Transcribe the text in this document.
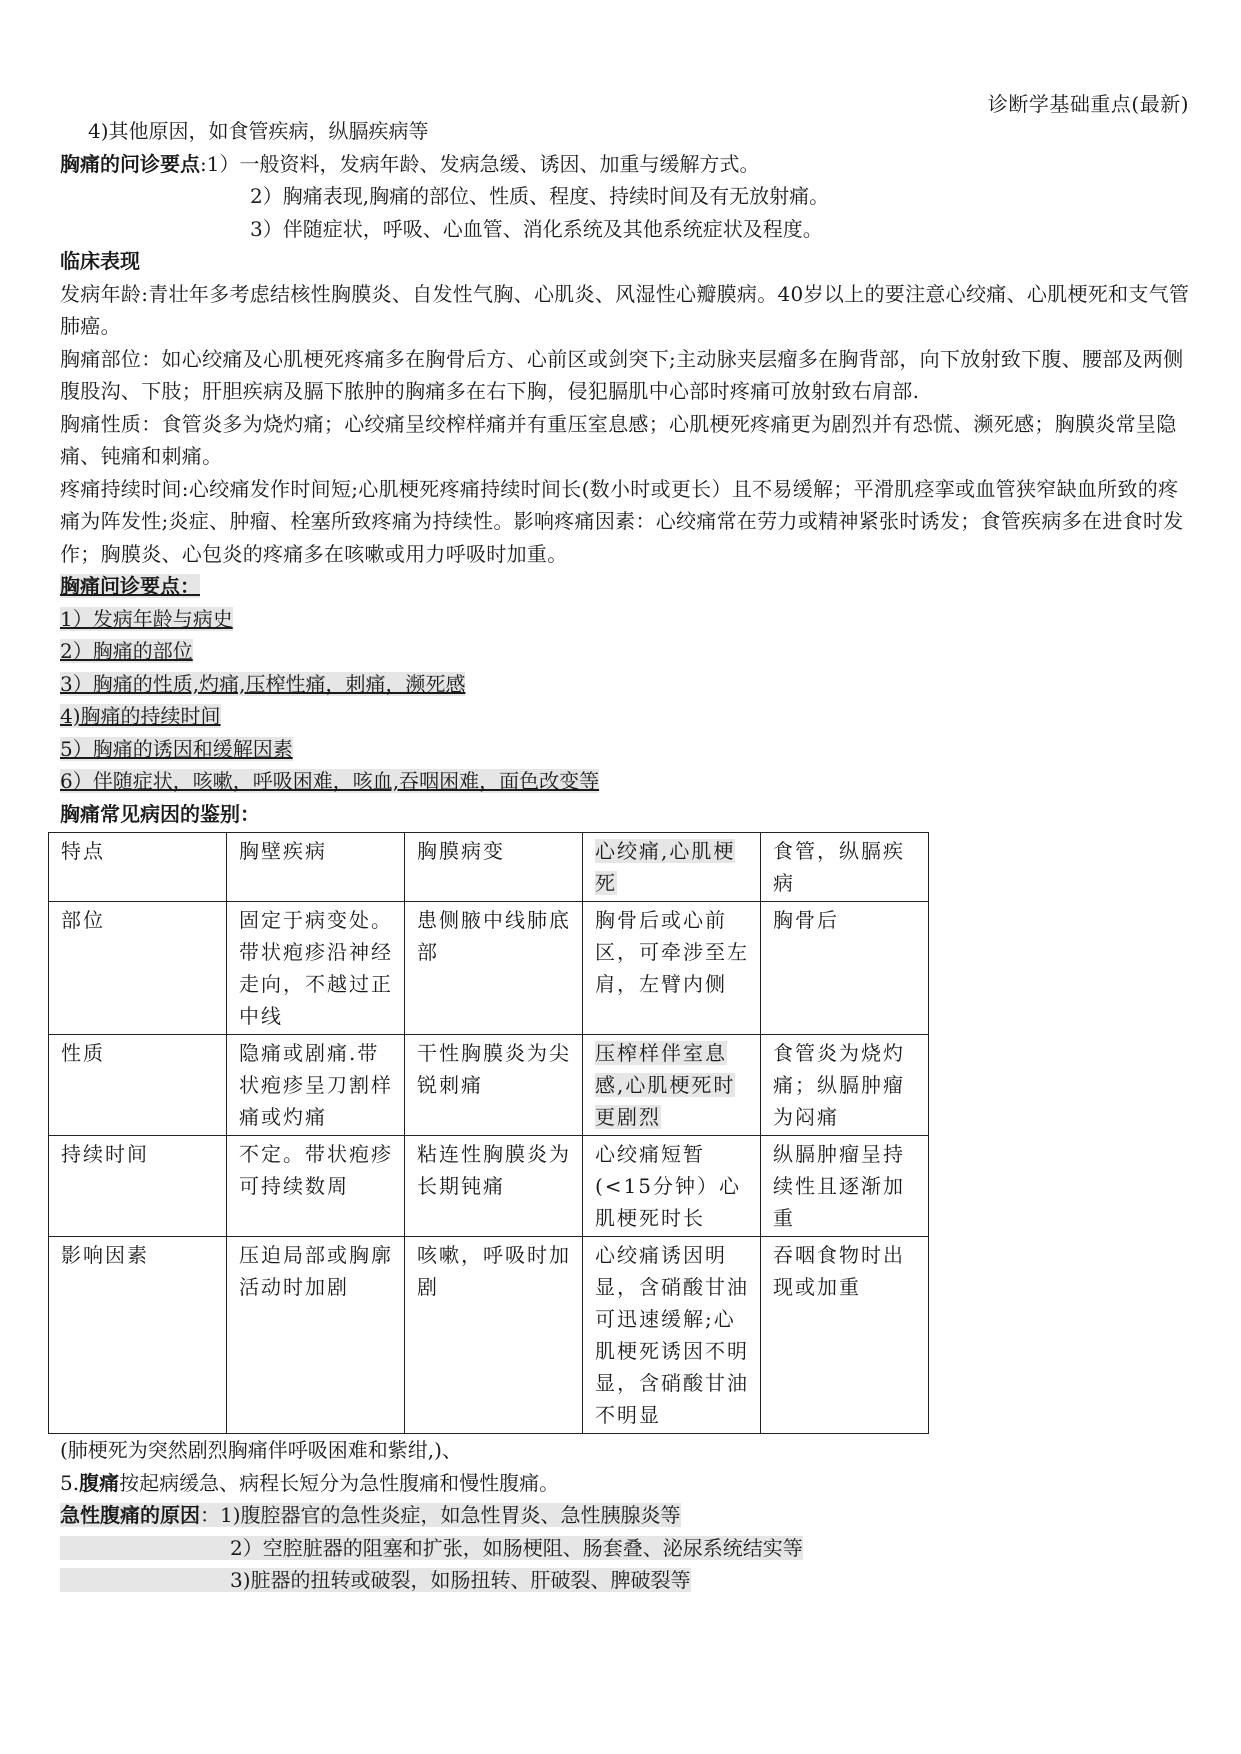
诊断学基础重点(最新)
4)其他原因，如食管疾病，纵膈疾病等
胸痛的问诊要点:1）一般资料，发病年龄、发病急缓、诱因、加重与缓解方式。
2）胸痛表现,胸痛的部位、性质、程度、持续时间及有无放射痛。
3）伴随症状，呼吸、心血管、消化系统及其他系统症状及程度。
临床表现
发病年龄:青壮年多考虑结核性胸膜炎、自发性气胸、心肌炎、风湿性心瓣膜病。40岁以上的要注意心绞痛、心肌梗死和支气管肺癌。
胸痛部位：如心绞痛及心肌梗死疼痛多在胸骨后方、心前区或剑突下;主动脉夹层瘤多在胸背部，向下放射致下腹、腰部及两侧腹股沟、下肢；肝胆疾病及膈下脓肿的胸痛多在右下胸，侵犯膈肌中心部时疼痛可放射致右肩部.
胸痛性质：食管炎多为烧灼痛；心绞痛呈绞榨样痛并有重压室息感；心肌梗死疼痛更为剧烈并有恐慌、濒死感；胸膜炎常呈隐痛、钝痛和刺痛。
疼痛持续时间:心绞痛发作时间短;心肌梗死疼痛持续时间长(数小时或更长）且不易缓解；平滑肌痉挛或血管狭窄缺血所致的疼痛为阵发性;炎症、肿瘤、栓塞所致疼痛为持续性。影响疼痛因素：心绞痛常在劳力或精神紧张时诱发；食管疾病多在进食时发作；胸膜炎、心包炎的疼痛多在咳嗽或用力呼吸时加重。
胸痛问诊要点：
1）发病年龄与病史
2）胸痛的部位
3）胸痛的性质,灼痛,压榨性痛，刺痛，濒死感
4)胸痛的持续时间
5）胸痛的诱因和缓解因素
6）伴随症状，咳嗽，呼吸困难，咳血,吞咽困难，面色改变等
胸痛常见病因的鉴别：
特点	胸壁疾病	胸膜病变	心绞痛,心肌梗死	食管，纵膈疾病
部位	固定于病变处。带状疱疹沿神经走向，不越过正中线	患侧腋中线肺底部	胸骨后或心前区，可牵涉至左肩，左臂内侧	胸骨后
性质	隐痛或剧痛.带状疱疹呈刀割样痛或灼痛	干性胸膜炎为尖锐刺痛	压榨样伴室息感,心肌梗死时更剧烈	食管炎为烧灼痛；纵膈肿瘤为闷痛
持续时间	不定。带状疱疹可持续数周	粘连性胸膜炎为长期钝痛	心绞痛短暂(<15分钟）心肌梗死时长	纵膈肿瘤呈持续性且逐渐加重
影响因素	压迫局部或胸廓活动时加剧	咳嗽，呼吸时加剧	心绞痛诱因明显，含硝酸甘油可迅速缓解;心肌梗死诱因不明显，含硝酸甘油不明显	吞咽食物时出现或加重
(肺梗死为突然剧烈胸痛伴呼吸困难和紫绀,)、
5.腹痛按起病缓急、病程长短分为急性腹痛和慢性腹痛。
急性腹痛的原因：1)腹腔器官的急性炎症，如急性胃炎、急性胰腺炎等
2）空腔脏器的阻塞和扩张，如肠梗阻、肠套叠、泌尿系统结实等
3)脏器的扭转或破裂，如肠扭转、肝破裂、脾破裂等
